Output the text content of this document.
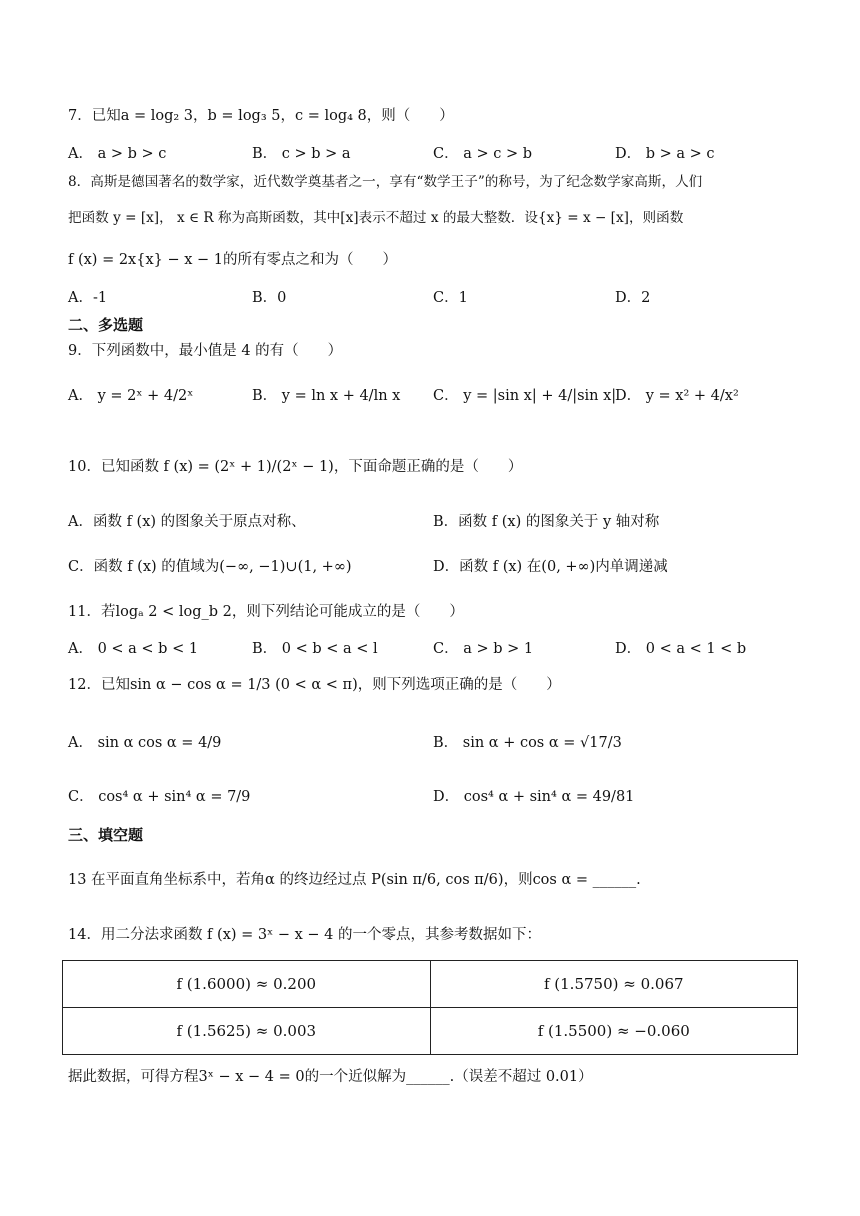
7．已知a = log₂ 3，b = log₃ 5，c = log₄ 8，则（　　）
A． a > b > c	B． c > b > a	C． a > c > b	D． b > a > c
8．高斯是德国著名的数学家，近代数学奠基者之一，享有“数学王子”的称号，为了纪念数学家高斯，人们
把函数 y = [x]， x ∈ R 称为高斯函数，其中[x]表示不超过 x 的最大整数．设{x} = x − [x]，则函数
f (x) = 2x{x} − x − 1的所有零点之和为（　　）
A．-1	B．0	C．1	D．2
二、多选题
9．下列函数中，最小值是 4 的有（　　）
A． y = 2ˣ + 4/2ˣ	B． y = ln x + 4/ln x C． y = |sin x| + 4/|sin x|
D． y = x² + 4/x²
10．已知函数 f (x) = (2ˣ + 1)/(2ˣ − 1)，下面命题正确的是（　　）
A．函数 f (x) 的图象关于原点对称、	B．函数 f (x) 的图象关于 y 轴对称
C．函数 f (x) 的值域为(−∞, −1)∪(1, +∞)	D．函数 f (x) 在(0, +∞)内单调递减
11．若logₐ 2 < log_b 2，则下列结论可能成立的是（　　）
A． 0 < a < b < 1	B． 0 < b < a < l	C． a > b > 1	D． 0 < a < 1 < b
12．已知sin α − cos α = 1/3 (0 < α < π)，则下列选项正确的是（　　）
A． sin α cos α = 4/9	B． sin α + cos α = √17/3
C． cos⁴ α + sin⁴ α = 7/9	D． cos⁴ α + sin⁴ α = 49/81
三、填空题
13 在平面直角坐标系中，若角α 的终边经过点 P(sin π/6, cos π/6)，则cos α = ______.
14．用二分法求函数 f (x) = 3ˣ − x − 4 的一个零点，其参考数据如下：
f (1.6000) ≈ 0.200	f (1.5750) ≈ 0.067
f (1.5625) ≈ 0.003	f (1.5500) ≈ −0.060
据此数据，可得方程3ˣ − x − 4 = 0的一个近似解为______.（误差不超过 0.01）
